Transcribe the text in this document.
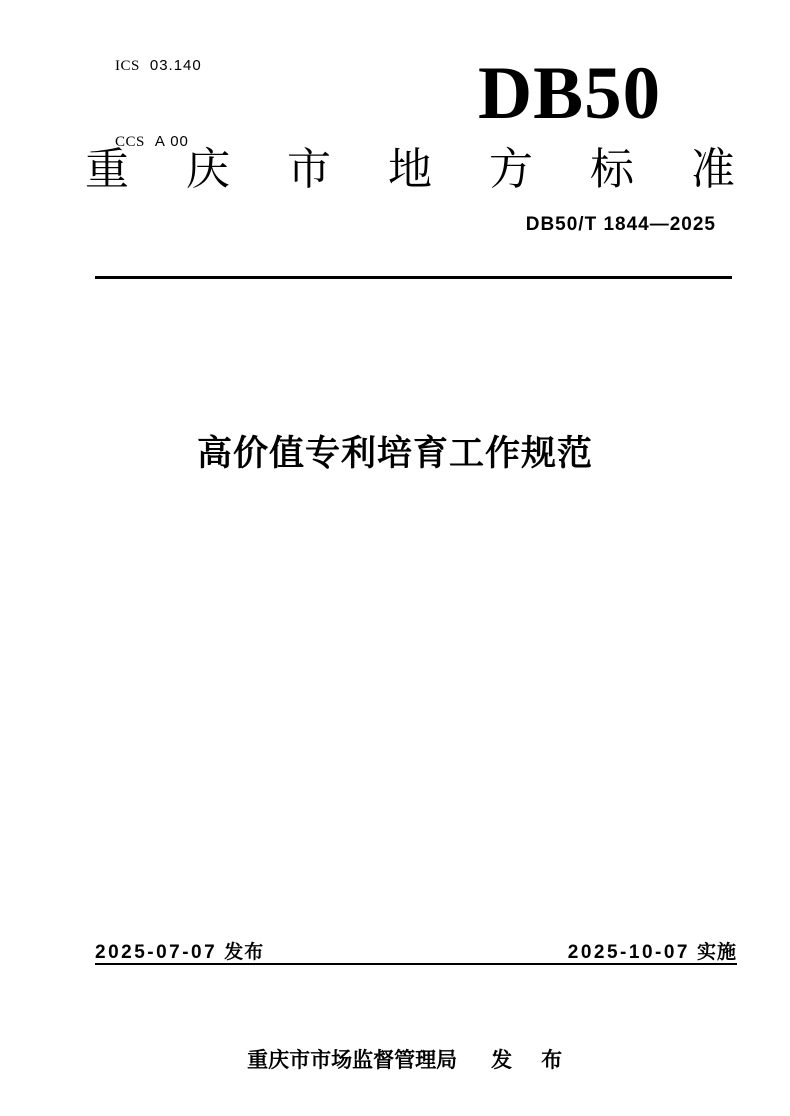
ICS 03.140

CCS A 00

DB50
重 庆 市 地 方 标 准
DB50/T 1844—2025
高价值专利培育工作规范
2025-07-07 发布	2025-10-07 实施

重庆市市场监督管理局 发　布
